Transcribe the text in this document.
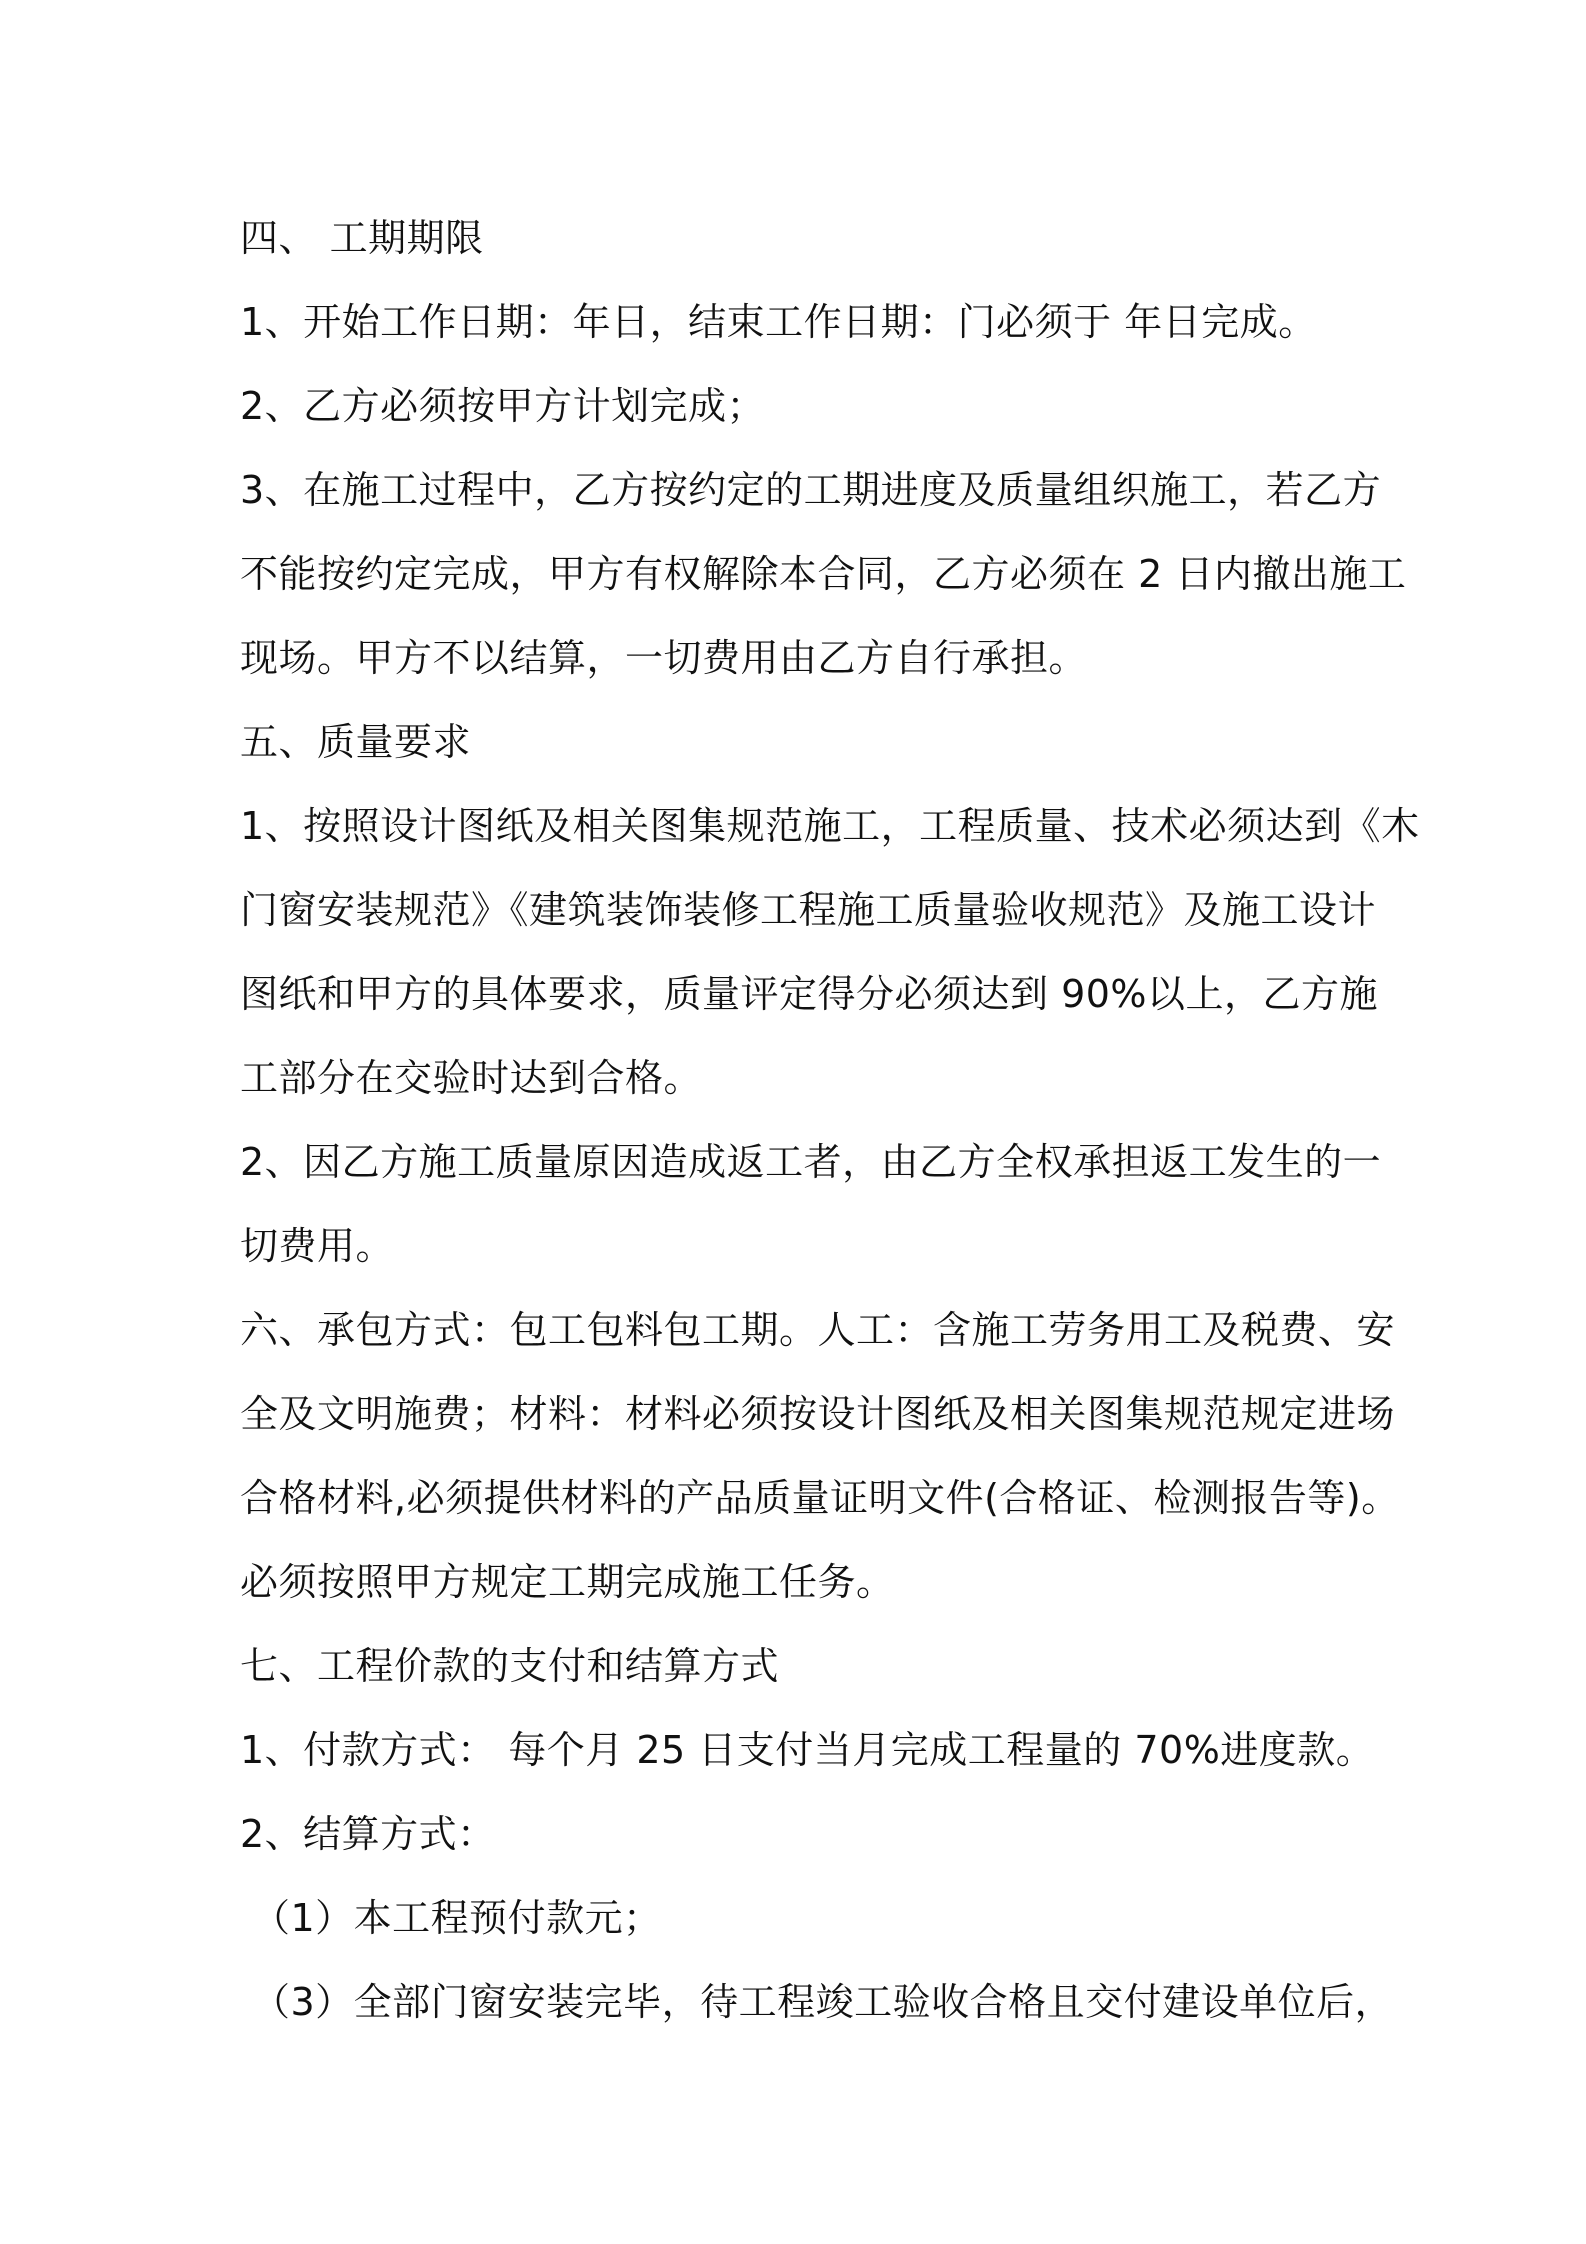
四、 工期期限
1、开始工作日期：年日，结束工作日期：门必须于 年日完成。
2、乙方必须按甲方计划完成；
3、在施工过程中，乙方按约定的工期进度及质量组织施工，若乙方
不能按约定完成，甲方有权解除本合同，乙方必须在 2 日内撤出施工
现场。甲方不以结算，一切费用由乙方自行承担。
五、质量要求
1、按照设计图纸及相关图集规范施工，工程质量、技术必须达到《木
门窗安装规范》《建筑装饰装修工程施工质量验收规范》及施工设计
图纸和甲方的具体要求，质量评定得分必须达到 90%以上，乙方施
工部分在交验时达到合格。
2、因乙方施工质量原因造成返工者，由乙方全权承担返工发生的一
切费用。
六、承包方式：包工包料包工期。人工：含施工劳务用工及税费、安
全及文明施费；材料：材料必须按设计图纸及相关图集规范规定进场
合格材料,必须提供材料的产品质量证明文件(合格证、检测报告等)。
必须按照甲方规定工期完成施工任务。
七、工程价款的支付和结算方式
1、付款方式： 每个月 25 日支付当月完成工程量的 70%进度款。
2、结算方式：
（1）本工程预付款元；
（3）全部门窗安装完毕，待工程竣工验收合格且交付建设单位后，
